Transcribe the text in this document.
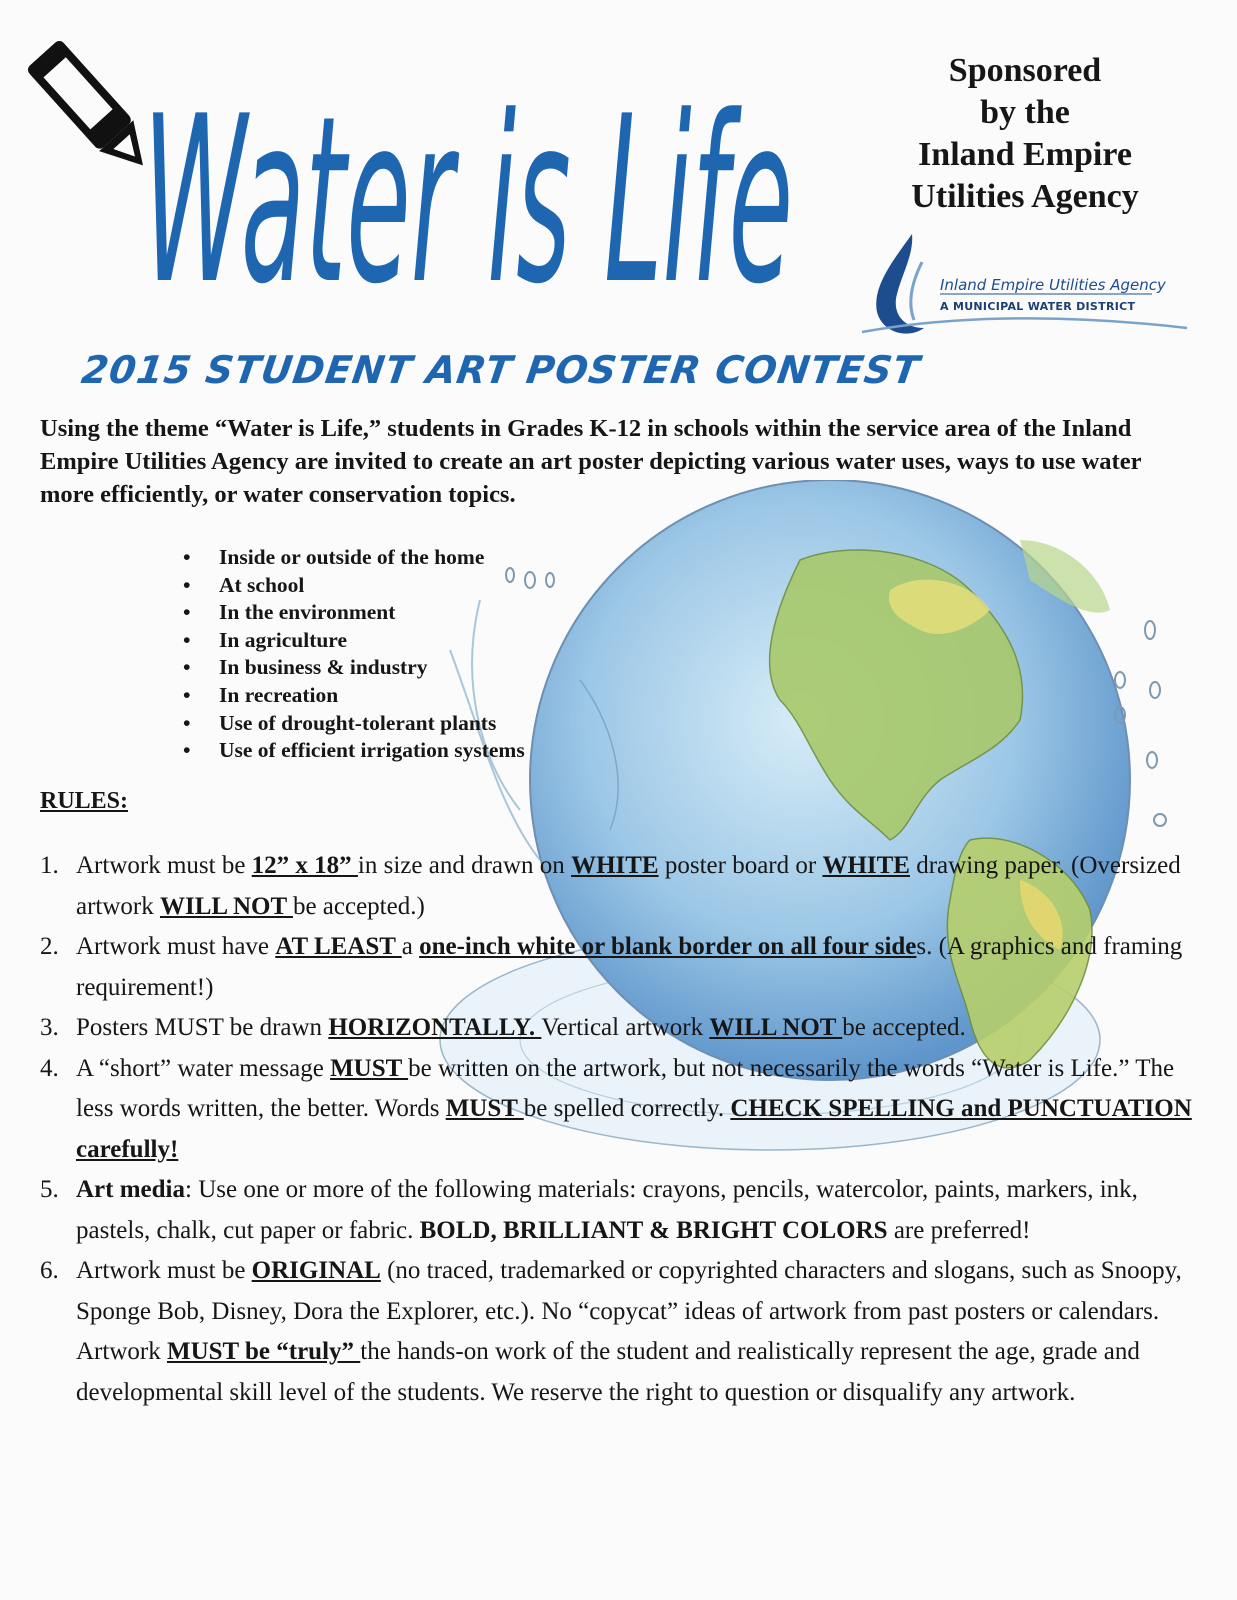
Water is Life
2015 STUDENT ART POSTER CONTEST
Sponsored
by the
Inland Empire
Utilities Agency
Inland Empire Utilities Agency
A MUNICIPAL WATER DISTRICT

Using the theme “Water is Life,” students in Grades K-12 in schools within the service area of the Inland Empire Utilities Agency are invited to create an art poster depicting various water uses, ways to use water more efficiently, or water conservation topics.

• Inside or outside of the home
• At school
• In the environment
• In agriculture
• In business & industry
• In recreation
• Use of drought-tolerant plants
• Use of efficient irrigation systems
RULES:
1. Artwork must be 12” x 18” in size and drawn on WHITE poster board or WHITE drawing paper. (Oversized artwork WILL NOT be accepted.)
2. Artwork must have AT LEAST a one-inch white or blank border on all four sides. (A graphics and framing requirement!)
3. Posters MUST be drawn HORIZONTALLY. Vertical artwork WILL NOT be accepted.
4. A “short” water message MUST be written on the artwork, but not necessarily the words “Water is Life.” The less words written, the better. Words MUST be spelled correctly. CHECK SPELLING and PUNCTUATION carefully!
5. Art media: Use one or more of the following materials: crayons, pencils, watercolor, paints, markers, ink, pastels, chalk, cut paper or fabric. BOLD, BRILLIANT & BRIGHT COLORS are preferred!
6. Artwork must be ORIGINAL (no traced, trademarked or copyrighted characters and slogans, such as Snoopy, Sponge Bob, Disney, Dora the Explorer, etc.). No “copycat” ideas of artwork from past posters or calendars. Artwork MUST be “truly” the hands-on work of the student and realistically represent the age, grade and developmental skill level of the students. We reserve the right to question or disqualify any artwork.
